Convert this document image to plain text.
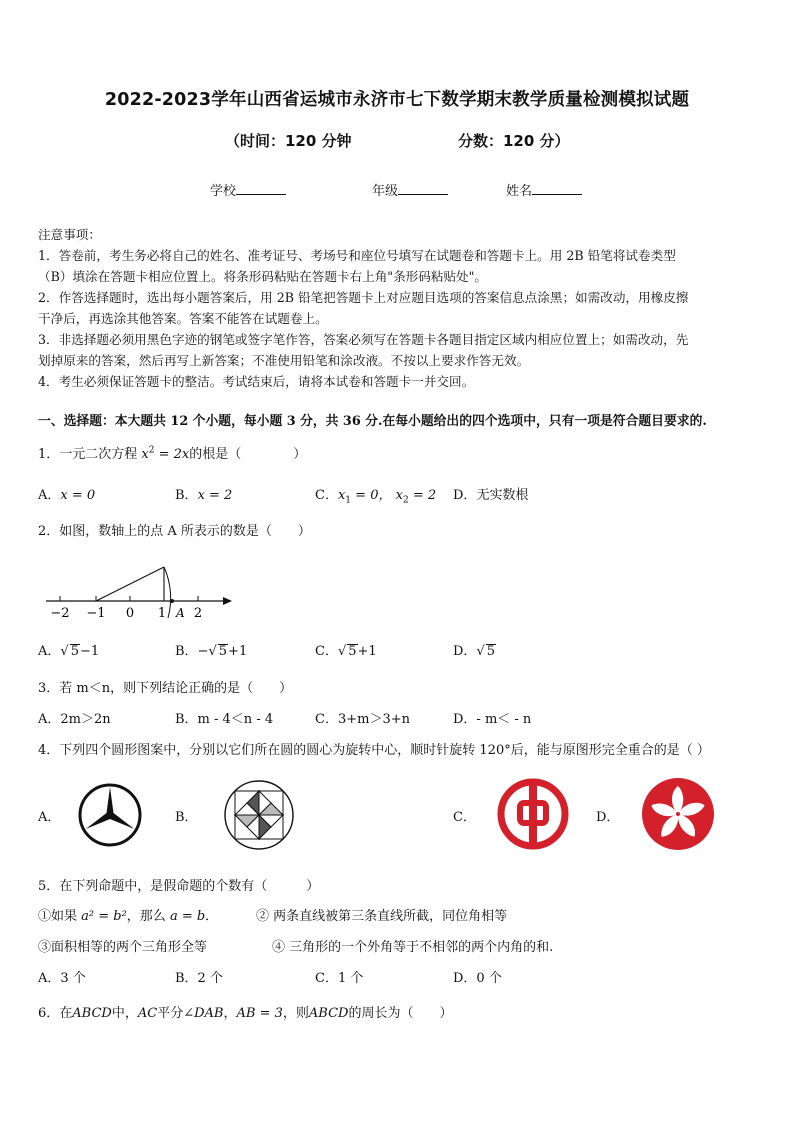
2022-2023学年山西省运城市永济市七下数学期末教学质量检测模拟试题
（时间：120 分钟	分数：120 分）
学校	年级	姓名
注意事项：
1．答卷前，考生务必将自己的姓名、准考证号、考场号和座位号填写在试题卷和答题卡上。用 2B 铅笔将试卷类型
（B）填涂在答题卡相应位置上。将条形码粘贴在答题卡右上角"条形码粘贴处"。
2．作答选择题时，选出每小题答案后，用 2B 铅笔把答题卡上对应题目选项的答案信息点涂黑；如需改动，用橡皮擦
干净后，再选涂其他答案。答案不能答在试题卷上。
3．非选择题必须用黑色字迹的钢笔或签字笔作答，答案必须写在答题卡各题目指定区域内相应位置上；如需改动，先
划掉原来的答案，然后再写上新答案；不准使用铅笔和涂改液。不按以上要求作答无效。
4．考生必须保证答题卡的整洁。考试结束后，请将本试卷和答题卡一并交回。
一、选择题：本大题共 12 个小题，每小题 3 分，共 36 分.在每小题给出的四个选项中，只有一项是符合题目要求的.
1．一元二次方程 $x^2 = 2x$的根是（　　　　）
A．x = 0	B．x = 2	C．$x_1 = 0$， $x_2 = 2$ D．无实数根
2．如图，数轴上的点 A 所表示的数是（　　）
−2 −1 0 1 2
A
A．√ 5−1	B．−√ 5+1	C．√ 5+1	D．√ 5
3．若 m＜n，则下列结论正确的是（　　）
A．2m＞2n	B．m - 4＜n - 4	C．3+m＞3+n	D．- m＜ - n
4．下列四个圆形图案中，分别以它们所在圆的圆心为旋转中心，顺时针旋转 120°后，能与原图形完全重合的是（ ）
A．	B．	C．	D．
5．在下列命题中，是假命题的个数有（　　　）
①如果 a² = b²，那么 a = b．	② 两条直线被第三条直线所截，同位角相等
③面积相等的两个三角形全等	④ 三角形的一个外角等于不相邻的两个内角的和.
A．3 个	B．2 个	C．1 个	D．0 个
6．在ABCD中，AC平分∠DAB，AB = 3，则ABCD的周长为（　　）
